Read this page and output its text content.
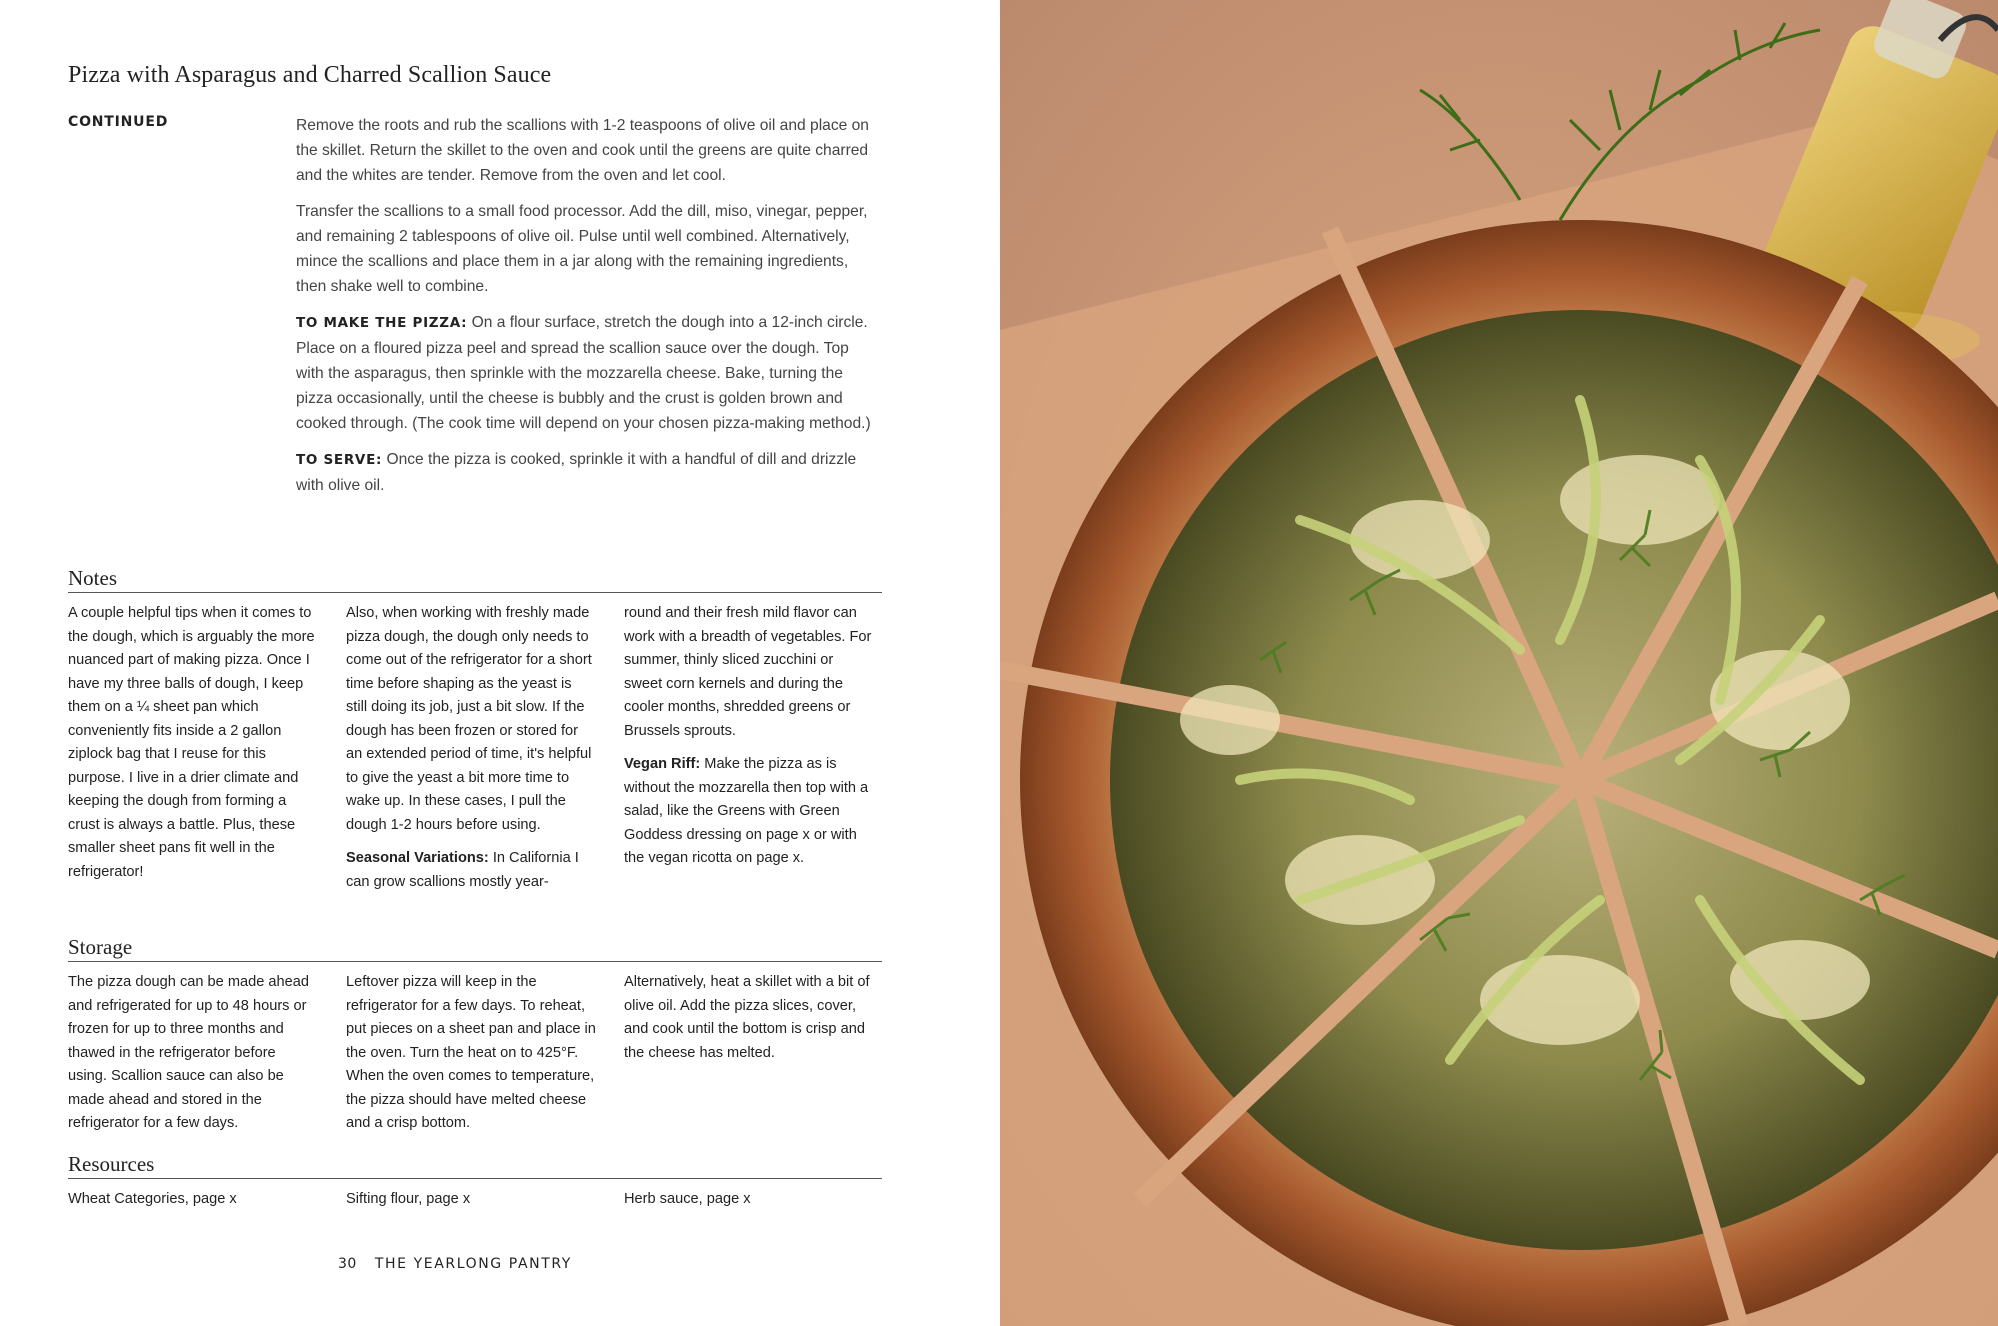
Pizza with Asparagus and Charred Scallion Sauce
CONTINUED	Remove the roots and rub the scallions with 1-2 teaspoons of olive oil and place on the skillet. Return the skillet to the oven and cook until the greens are quite charred and the whites are tender. Remove from the oven and let cool.

Transfer the scallions to a small food processor. Add the dill, miso, vinegar, pepper, and remaining 2 tablespoons of olive oil. Pulse until well combined. Alternatively, mince the scallions and place them in a jar along with the remaining ingredients, then shake well to combine.

TO MAKE THE PIZZA: On a flour surface, stretch the dough into a 12-inch circle. Place on a floured pizza peel and spread the scallion sauce over the dough. Top with the asparagus, then sprinkle with the mozzarella cheese. Bake, turning the pizza occasionally, until the cheese is bubbly and the crust is golden brown and cooked through. (The cook time will depend on your chosen pizza-making method.)

TO SERVE: Once the pizza is cooked, sprinkle it with a handful of dill and drizzle with olive oil.

Notes

A couple helpful tips when it comes to the dough, which is arguably the more nuanced part of making pizza. Once I have my three balls of dough, I keep them on a ¼ sheet pan which conveniently fits inside a 2 gallon ziplock bag that I reuse for this purpose. I live in a drier climate and keeping the dough from forming a crust is always a battle. Plus, these smaller sheet pans fit well in the refrigerator!

Also, when working with freshly made pizza dough, the dough only needs to come out of the refrigerator for a short time before shaping as the yeast is still doing its job, just a bit slow. If the dough has been frozen or stored for an extended period of time, it's helpful to give the yeast a bit more time to wake up. In these cases, I pull the dough 1-2 hours before using.

Seasonal Variations: In California I can grow scallions mostly year-

round and their fresh mild flavor can work with a breadth of vegetables. For summer, thinly sliced zucchini or sweet corn kernels and during the cooler months, shredded greens or Brussels sprouts.

Vegan Riff: Make the pizza as is without the mozzarella then top with a salad, like the Greens with Green Goddess dressing on page x or with the vegan ricotta on page x.

Storage

The pizza dough can be made ahead and refrigerated for up to 48 hours or frozen for up to three months and thawed in the refrigerator before using. Scallion sauce can also be made ahead and stored in the refrigerator for a few days.

Leftover pizza will keep in the refrigerator for a few days. To reheat, put pieces on a sheet pan and place in the oven. Turn the heat on to 425°F. When the oven comes to temperature, the pizza should have melted cheese and a crisp bottom.

Alternatively, heat a skillet with a bit of olive oil. Add the pizza slices, cover, and cook until the bottom is crisp and the cheese has melted.

Resources
Wheat Categories, page x	Sifting flour, page x	Herb sauce, page x
30 THE YEARLONG PANTRY
